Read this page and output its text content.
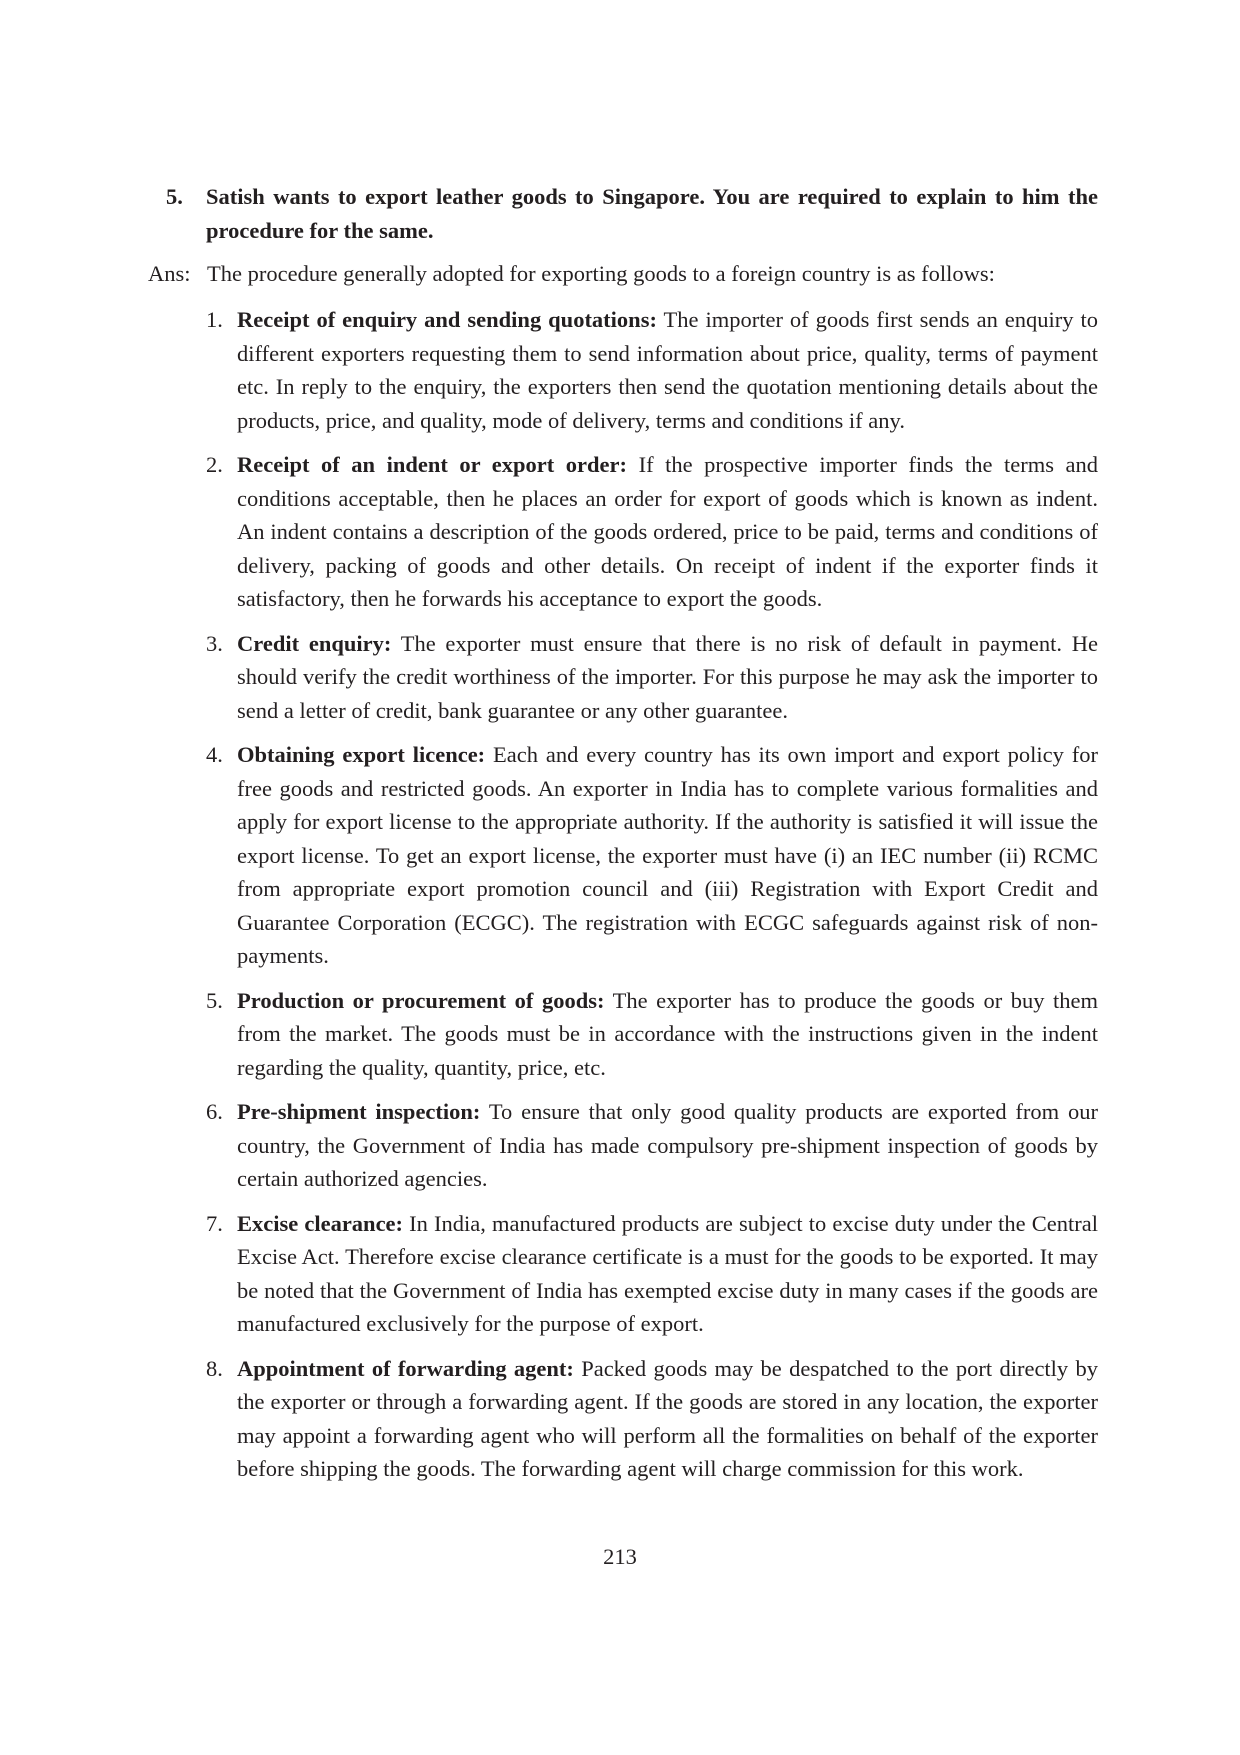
5. Satish wants to export leather goods to Singapore. You are required to explain to him the procedure for the same.
Ans: The procedure generally adopted for exporting goods to a foreign country is as follows:
1. Receipt of enquiry and sending quotations: The importer of goods first sends an enquiry to different exporters requesting them to send information about price, quality, terms of payment etc. In reply to the enquiry, the exporters then send the quotation mentioning details about the products, price, and quality, mode of delivery, terms and conditions if any.
2. Receipt of an indent or export order: If the prospective importer finds the terms and conditions acceptable, then he places an order for export of goods which is known as indent. An indent contains a description of the goods ordered, price to be paid, terms and conditions of delivery, packing of goods and other details. On receipt of indent if the exporter finds it satisfactory, then he forwards his acceptance to export the goods.
3. Credit enquiry: The exporter must ensure that there is no risk of default in payment. He should verify the credit worthiness of the importer. For this purpose he may ask the importer to send a letter of credit, bank guarantee or any other guarantee.
4. Obtaining export licence: Each and every country has its own import and export policy for free goods and restricted goods. An exporter in India has to complete various formalities and apply for export license to the appropriate authority. If the authority is satisfied it will issue the export license. To get an export license, the exporter must have (i) an IEC number (ii) RCMC from appropriate export promotion council and (iii) Registration with Export Credit and Guarantee Corporation (ECGC). The registration with ECGC safeguards against risk of non-payments.
5. Production or procurement of goods: The exporter has to produce the goods or buy them from the market. The goods must be in accordance with the instructions given in the indent regarding the quality, quantity, price, etc.
6. Pre-shipment inspection: To ensure that only good quality products are exported from our country, the Government of India has made compulsory pre-shipment inspection of goods by certain authorized agencies.
7. Excise clearance: In India, manufactured products are subject to excise duty under the Central Excise Act. Therefore excise clearance certificate is a must for the goods to be exported. It may be noted that the Government of India has exempted excise duty in many cases if the goods are manufactured exclusively for the purpose of export.
8. Appointment of forwarding agent: Packed goods may be despatched to the port directly by the exporter or through a forwarding agent. If the goods are stored in any location, the exporter may appoint a forwarding agent who will perform all the formalities on behalf of the exporter before shipping the goods. The forwarding agent will charge commission for this work.
213
